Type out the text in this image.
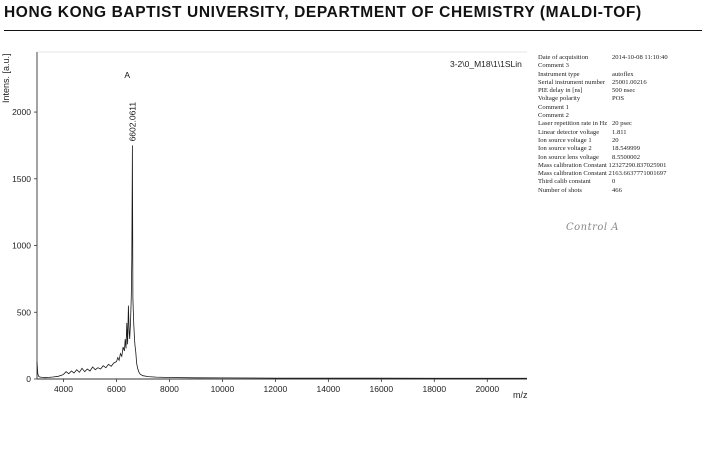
HONG KONG BAPTIST UNIVERSITY, DEPARTMENT OF CHEMISTRY (MALDI-TOF)
0
500
1000
1500
2000
4000	6000	8000	10000	12000	14000	16000	18000	20000
Intens. [a.u.]
m/z
6602.0611
A
3-2\0_M18\1\1SLin
Date of acquisition	2014-10-08 11:10:40
Comment 3
Instrument type	autoflex
Serial instrument number	25001.00216
PIE delay in [ns]	500 nsec
Voltage polarity	POS
Comment 1
Comment 2
Laser repetition rate in Hz 20 psec
Linear detector voltage	1.811
Ion source voltage 1	20
Ion source voltage 2	18.549999
Ion source lens voltage	8.5500002
Mass calibration Constant 1 2327290.837025901
Mass calibration Constant 2 163.6637771001697
Third calib constant	0
Number of shots	466
Control A
